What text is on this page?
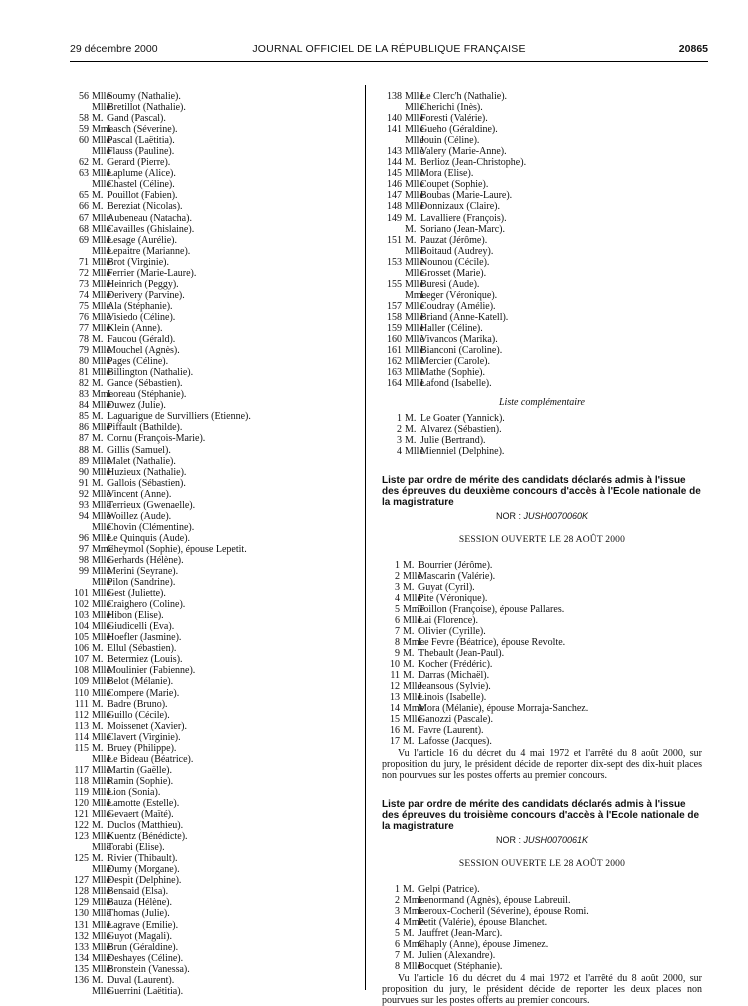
29 décembre 2000	JOURNAL OFFICIEL DE LA RÉPUBLIQUE FRANÇAISE	20865
56 MlleSoumy (Nathalie).
MlleBretillot (Nathalie).
58 M. Gand (Pascal).
59 MmeLasch (Séverine).
60 MllePascal (Laëtitia).
MlleFlauss (Pauline).
62 M. Gerard (Pierre).
63 MlleLaplume (Alice).
MlleChastel (Céline).
65 M. Pouillot (Fabien).
66 M. Bereziat (Nicolas).
67 MlleAubeneau (Natacha).
68 MlleCavailles (Ghislaine).
69 MlleLesage (Aurélie).
MlleLepaitre (Marianne).
71 MlleBrot (Virginie).
72 MlleFerrier (Marie-Laure).
73 MlleHeinrich (Peggy).
74 MlleDerivery (Parvine).
75 MlleAla (Stéphanie).
76 MlleVisiedo (Céline).
77 MlleKlein (Anne).
78 M. Faucou (Gérald).
79 MlleMouchel (Agnès).
80 MllePages (Céline).
81 MlleBillington (Nathalie).
82 M. Gance (Sébastien).
83 MmeLoreau (Stéphanie).
84 MlleDuwez (Julie).
85 M. Laguarigue de Survilliers (Etienne).
86 MllePiffault (Bathilde).
87 M. Cornu (François-Marie).
88 M. Gillis (Samuel).
89 MlleMalet (Nathalie).
90 MlleHuzieux (Nathalie).
91 M. Gallois (Sébastien).
92 MlleVincent (Anne).
93 MlleTerrieux (Gwenaelle).
94 MlleWoillez (Aude).
MlleChovin (Clémentine).
96 MlleLe Quinquis (Aude).
97 MmeCheymol (Sophie), épouse Lepetit.
98 MlleGerhards (Hélène).
99 MlleMerini (Seyrane).
MllePilon (Sandrine).
101 MlleGest (Juliette).
102 MlleCraighero (Coline).
103 MlleHibon (Elise).
104 MlleGiudicelli (Eva).
105 MlleHoefler (Jasmine).
106 M. Ellul (Sébastien).
107 M. Betermiez (Louis).
108 MlleMoulinier (Fabienne).
109 MlleBelot (Mélanie).
110 MlleCompere (Marie).
111 M. Badre (Bruno).
112 MlleGuillo (Cécile).
113 M. Moissenet (Xavier).
114 MlleClavert (Virginie).
115 M. Bruey (Philippe).
MlleLe Bideau (Béatrice).
117 MlleMartin (Gaëlle).
118 MlleRamin (Sophie).
119 MlleLion (Sonia).
120 MlleLamotte (Estelle).
121 MlleGevaert (Maïté).
122 M. Duclos (Matthieu).
123 MlleKuentz (Bénédicte).
MlleTorabi (Elise).
125 M. Rivier (Thibault).
MlleDumy (Morgane).
127 MlleDespit (Delphine).
128 MlleBensaid (Elsa).
129 MlleBauza (Hélène).
130 MlleThomas (Julie).
131 MlleLagrave (Emilie).
132 MlleGuyot (Magali).
133 MlleBrun (Géraldine).
134 MlleDeshayes (Céline).
135 MlleBronstein (Vanessa).
136 M. Duval (Laurent).
MlleGuerrini (Laëtitia).
138 MlleLe Clerc'h (Nathalie).
MlleCherichi (Inès).
140 MlleForesti (Valérie).
141 MlleGueho (Géraldine).
MlleJouin (Céline).
143 MlleValery (Marie-Anne).
144 M. Berlioz (Jean-Christophe).
145 MlleMora (Elise).
146 MlleCoupet (Sophie).
147 MlleBoubas (Marie-Laure).
148 MlleDonnizaux (Claire).
149 M. Lavalliere (François).
M. Soriano (Jean-Marc).
151 M. Pauzat (Jérôme).
MlleBoitaud (Audrey).
153 MlleNounou (Cécile).
MlleGrosset (Marie).
155 MlleBuresi (Aude).
MmeLeger (Véronique).
157 MlleCoudray (Amélie).
158 MlleBriand (Anne-Katell).
159 MlleHaller (Céline).
160 MlleVivancos (Marika).
161 MlleBianconi (Caroline).
162 MlleMercier (Carole).
163 MlleMathe (Sophie).
164 MlleLafond (Isabelle).
Liste complémentaire
1 M. Le Goater (Yannick).
2 M. Alvarez (Sébastien).
3 M. Julie (Bertrand).
4 MlleMienniel (Delphine).
Liste par ordre de mérite des candidats déclarés admis à l'issue des épreuves du deuxième concours d'accès à l'Ecole nationale de la magistrature
NOR : JUSH0070060K
SESSION OUVERTE LE 28 AOÛT 2000
1 M. Bourrier (Jérôme).
2 MlleMascarin (Valérie).
3 M. Guyat (Cyril).
4 MllePite (Véronique).
5 MmeToillon (Françoise), épouse Pallares.
6 MlleLai (Florence).
7 M. Olivier (Cyrille).
8 MmeLe Fevre (Béatrice), épouse Revolte.
9 M. Thebault (Jean-Paul).
10 M. Kocher (Frédéric).
11 M. Darras (Michaël).
12 MlleJeansous (Sylvie).
13 MlleLinois (Isabelle).
14 MmeMora (Mélanie), épouse Morraja-Sanchez.
15 MlleGanozzi (Pascale).
16 M. Favre (Laurent).
17 M. Lafosse (Jacques).
Vu l'article 16 du décret du 4 mai 1972 et l'arrêté du 8 août 2000, sur proposition du jury, le président décide de reporter dix-sept des dix-huit places non pourvues sur les postes offerts au premier concours.
Liste par ordre de mérite des candidats déclarés admis à l'issue des épreuves du troisième concours d'accès à l'Ecole nationale de la magistrature
NOR : JUSH0070061K
SESSION OUVERTE LE 28 AOÛT 2000
1 M. Gelpi (Patrice).
2 MmeLenormand (Agnès), épouse Labreuil.
3 MmeLeroux-Cocheril (Séverine), épouse Romi.
4 MmePetit (Valérie), épouse Blanchet.
5 M. Jauffret (Jean-Marc).
6 MmeChaply (Anne), épouse Jimenez.
7 M. Julien (Alexandre).
8 MlleBocquet (Stéphanie).
Vu l'article 16 du décret du 4 mai 1972 et l'arrêté du 8 août 2000, sur proposition du jury, le président décide de reporter les deux places non pourvues sur les postes offerts au premier concours.
